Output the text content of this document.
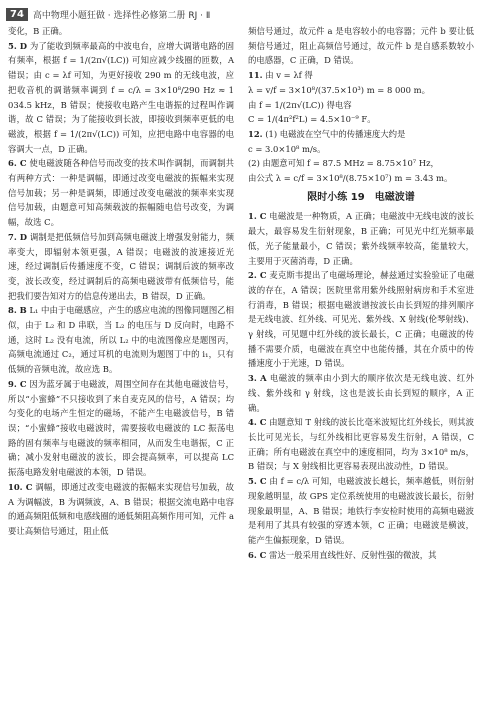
74	高中物理小题狂做 · 选择性必修第二册 RJ · Ⅱ

变化，B 正确。

5. D 为了能收到频率最高的中波电台，应增大调谐电路的固有频率，根据 f = 1/(2π√(LC)) 可知应减少线圈的匝数，A 错误；由 c = λf 可知，为更好接收 290 m 的无线电波，应把收音机的调谐频率调到 f = c/λ = 3×10⁸/290 Hz ≈ 1 034.5 kHz，B 错误；使接收电路产生电谐振的过程叫作调谐，故 C 错误；为了能接收到长波，即接收到频率更低的电磁波，根据 f = 1/(2π√(LC)) 可知，应把电路中电容器的电容调大一点，D 正确。

6. C 使电磁波随各种信号而改变的技术叫作调制，而调制共有两种方式：一种是调幅，即通过改变电磁波的振幅来实现信号加载；另一种是调频，即通过改变电磁波的频率来实现信号加载，由题意可知高频载波的振幅随电信号改变，为调幅，故选 C。

7. D 调制是把低频信号加到高频电磁波上增强发射能力，频率变大，即辐射本领更强，A 错误；电磁波的波速接近光速，经过调制后传播速度不变，C 错误；调制后波的频率改变，波长改变，经过调制后的高频电磁波带有低频信号，能把我们要告知对方的信息传递出去，B 错误，D 正确。

8. B L₁ 中由于电磁感应，产生的感应电流的图像同题图乙相似，由于 L₂ 和 D 串联，当 L₂ 的电压与 D 反向时，电路不通，这时 L₂ 没有电流，所以 L₂ 中的电流图像应是题图丙，高频电流通过 C₂，通过耳机的电流则为题图丁中的 i₁，只有低频的音频电流，故应选 B。

9. C 因为蓝牙属于电磁波，周围空间存在其他电磁波信号，所以“小蜜蜂”不只接收到了来自麦克风的信号，A 错误；均匀变化的电场产生恒定的磁场，不能产生电磁波信号，B 错误；“小蜜蜂”接收电磁波时，需要接收电磁波的 LC 振荡电路的固有频率与电磁波的频率相同，从而发生电谐振，C 正确；减小发射电磁波的波长，即会提高频率，可以提高 LC 振荡电路发射电磁波的本领，D 错误。

10. C 调幅，即通过改变电磁波的振幅来实现信号加载，故 A 为调幅波，B 为调频波，A、B 错误；根据交流电路中电容的通高频阻低频和电感线圈的通低频阻高频作用可知，元件 a 要让高频信号通过，阻止低

频信号通过，故元件 a 是电容较小的电容器；元件 b 要让低频信号通过，阻止高频信号通过，故元件 b 是自感系数较小的电感器，C 正确，D 错误。

11. 由 v = λf 得

λ = v/f = 3×10⁸/(37.5×10³) m = 8 000 m。

由 f = 1/(2π√(LC)) 得电容

C = 1/(4π²f²L) = 4.5×10⁻⁹ F。

12. (1) 电磁波在空气中的传播速度大约是

c = 3.0×10⁸ m/s。

(2) 由题意可知 f = 87.5 MHz = 8.75×10⁷ Hz，

由公式 λ = c/f = 3×10⁸/(8.75×10⁷) m = 3.43 m。

限时小练 19　电磁波谱

1. C 电磁波是一种物质，A 正确；电磁波中无线电波的波长最大，最容易发生衍射现象，B 正确；可见光中红光频率最低，光子能量最小，C 错误；紫外线频率较高，能量较大，主要用于灭菌消毒，D 正确。

2. C 麦克斯韦提出了电磁场理论，赫兹通过实验验证了电磁波的存在，A 错误；医院里常用紫外线照射病房和手术室进行消毒，B 错误；根据电磁波谱按波长由长到短的排列顺序是无线电波、红外线、可见光、紫外线、X 射线(伦琴射线)、γ 射线，可见题中红外线的波长最长，C 正确；电磁波的传播不需要介质，电磁波在真空中也能传播，其在介质中的传播速度小于光速，D 错误。

3. A 电磁波的频率由小到大的顺序依次是无线电波、红外线、紫外线和 γ 射线，这也是波长由长到短的顺序，A 正确。

4. C 由题意知 T 射线的波长比毫米波短比红外线长，则其波长比可见光长，与红外线相比更容易发生衍射，A 错误，C 正确；所有电磁波在真空中的速度相同，均为 3×10⁸ m/s，B 错误；与 X 射线相比更容易表现出波动性，D 错误。

5. C 由 f = c/λ 可知，电磁波波长越长，频率越低，则衍射现象越明显，故 GPS 定位系统使用的电磁波波长最长，衍射现象最明显，A、B 错误；地铁行李安检时使用的高频电磁波是利用了其具有较强的穿透本领，C 正确；电磁波是横波，能产生偏振现象，D 错误。

6. C 雷达一般采用直线性好、反射性强的微波，其
